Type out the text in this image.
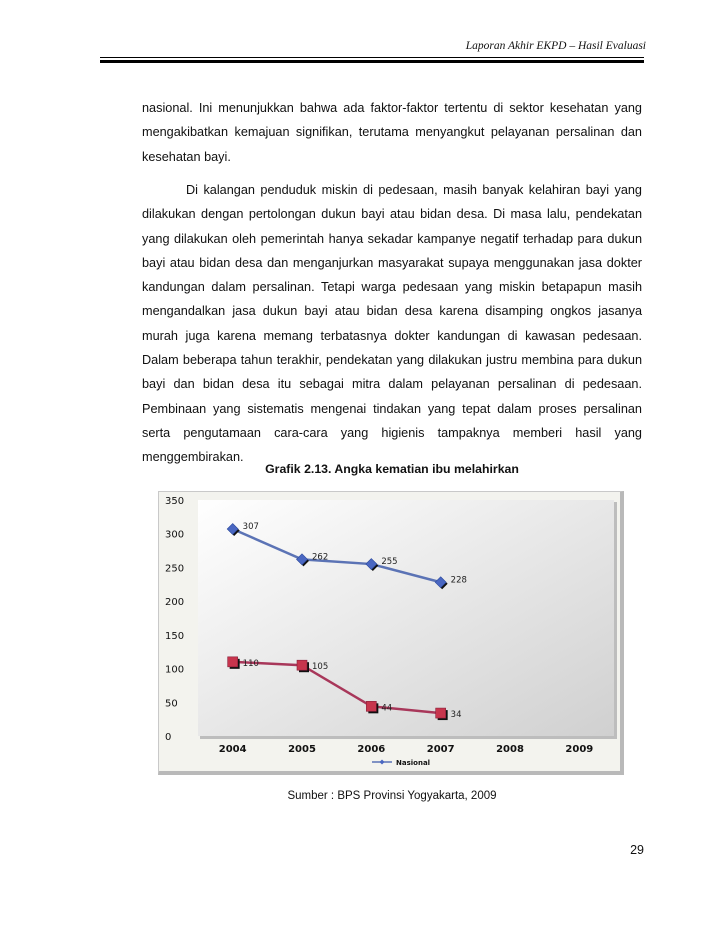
Laporan Akhir EKPD – Hasil Evaluasi

nasional. Ini menunjukkan bahwa ada faktor-faktor tertentu di sektor kesehatan yang mengakibatkan kemajuan signifikan, terutama menyangkut pelayanan persalinan dan kesehatan bayi.

Di kalangan penduduk miskin di pedesaan, masih banyak kelahiran bayi yang dilakukan dengan pertolongan dukun bayi atau bidan desa. Di masa lalu, pendekatan yang dilakukan oleh pemerintah hanya sekadar kampanye negatif terhadap para dukun bayi atau bidan desa dan menganjurkan masyarakat supaya menggunakan jasa dokter kandungan dalam persalinan. Tetapi warga pedesaan yang miskin betapapun masih mengandalkan jasa dukun bayi atau bidan desa karena disamping ongkos jasanya murah juga karena memang terbatasnya dokter kandungan di kawasan pedesaan. Dalam beberapa tahun terakhir, pendekatan yang dilakukan justru membina para dukun bayi dan bidan desa itu sebagai mitra dalam pelayanan persalinan di pedesaan. Pembinaan yang sistematis mengenai tindakan yang tepat dalam proses persalinan serta pengutamaan cara-cara yang higienis tampaknya memberi hasil yang menggembirakan.

Grafik 2.13. Angka kematian ibu melahirkan
0
50
100
150
200
250
300
350
2004	2005	2006	2007	2008	2009
307
262	255
228
110	105
44
34
Nasional
Sumber : BPS Provinsi Yogyakarta, 2009
29
